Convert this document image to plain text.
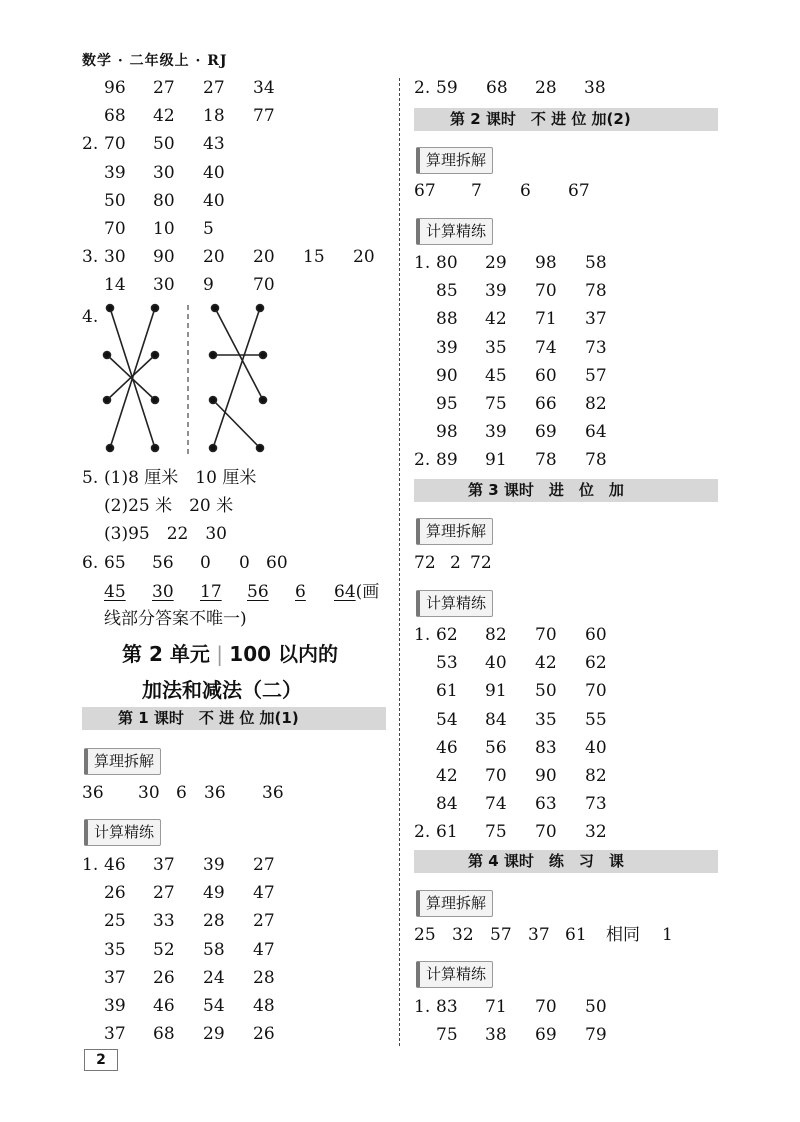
数学 · 二年级上 · RJ
96 27 27 34
68 42 18 77
2. 70 50 43
39 30 40
50 80 40
70 10 5
3. 30 90 20 20 15 20
14 30 9 70
4.
5. (1)8 厘米　10 厘米
(2)25 米　20 米
(3)95　22　30
6. 65 56 0 0 60
45 30 17 56 6 64(画
线部分答案不唯一)
第 2 单元 | 100 以内的
加法和减法（二）
第 1 课时　不 进 位 加(1)
算理拆解
36 30 6 36 36
计算精练
1. 46 37 39 27
26 27 49 47
25 33 28 27
35 52 58 47
37 26 24 28
39 46 54 48
37 68 29 26
2. 59 68 28 38
第 2 课时　不 进 位 加(2)
算理拆解
67 7 6 67
计算精练
1. 80 29 98 58
85 39 70 78
88 42 71 37
39 35 74 73
90 45 60 57
95 75 66 82
98 39 69 64
2. 89 91 78 78
第 3 课时　进　位　加
算理拆解
72 2 72
计算精练
1. 62 82 70 60
53 40 42 62
61 91 50 70
54 84 35 55
46 56 83 40
42 70 90 82
84 74 63 73
2. 61 75 70 32
第 4 课时　练　习　课
算理拆解
25 32 57 37 61 相同 1
计算精练
1. 83 71 70 50
75 38 69 79
2
